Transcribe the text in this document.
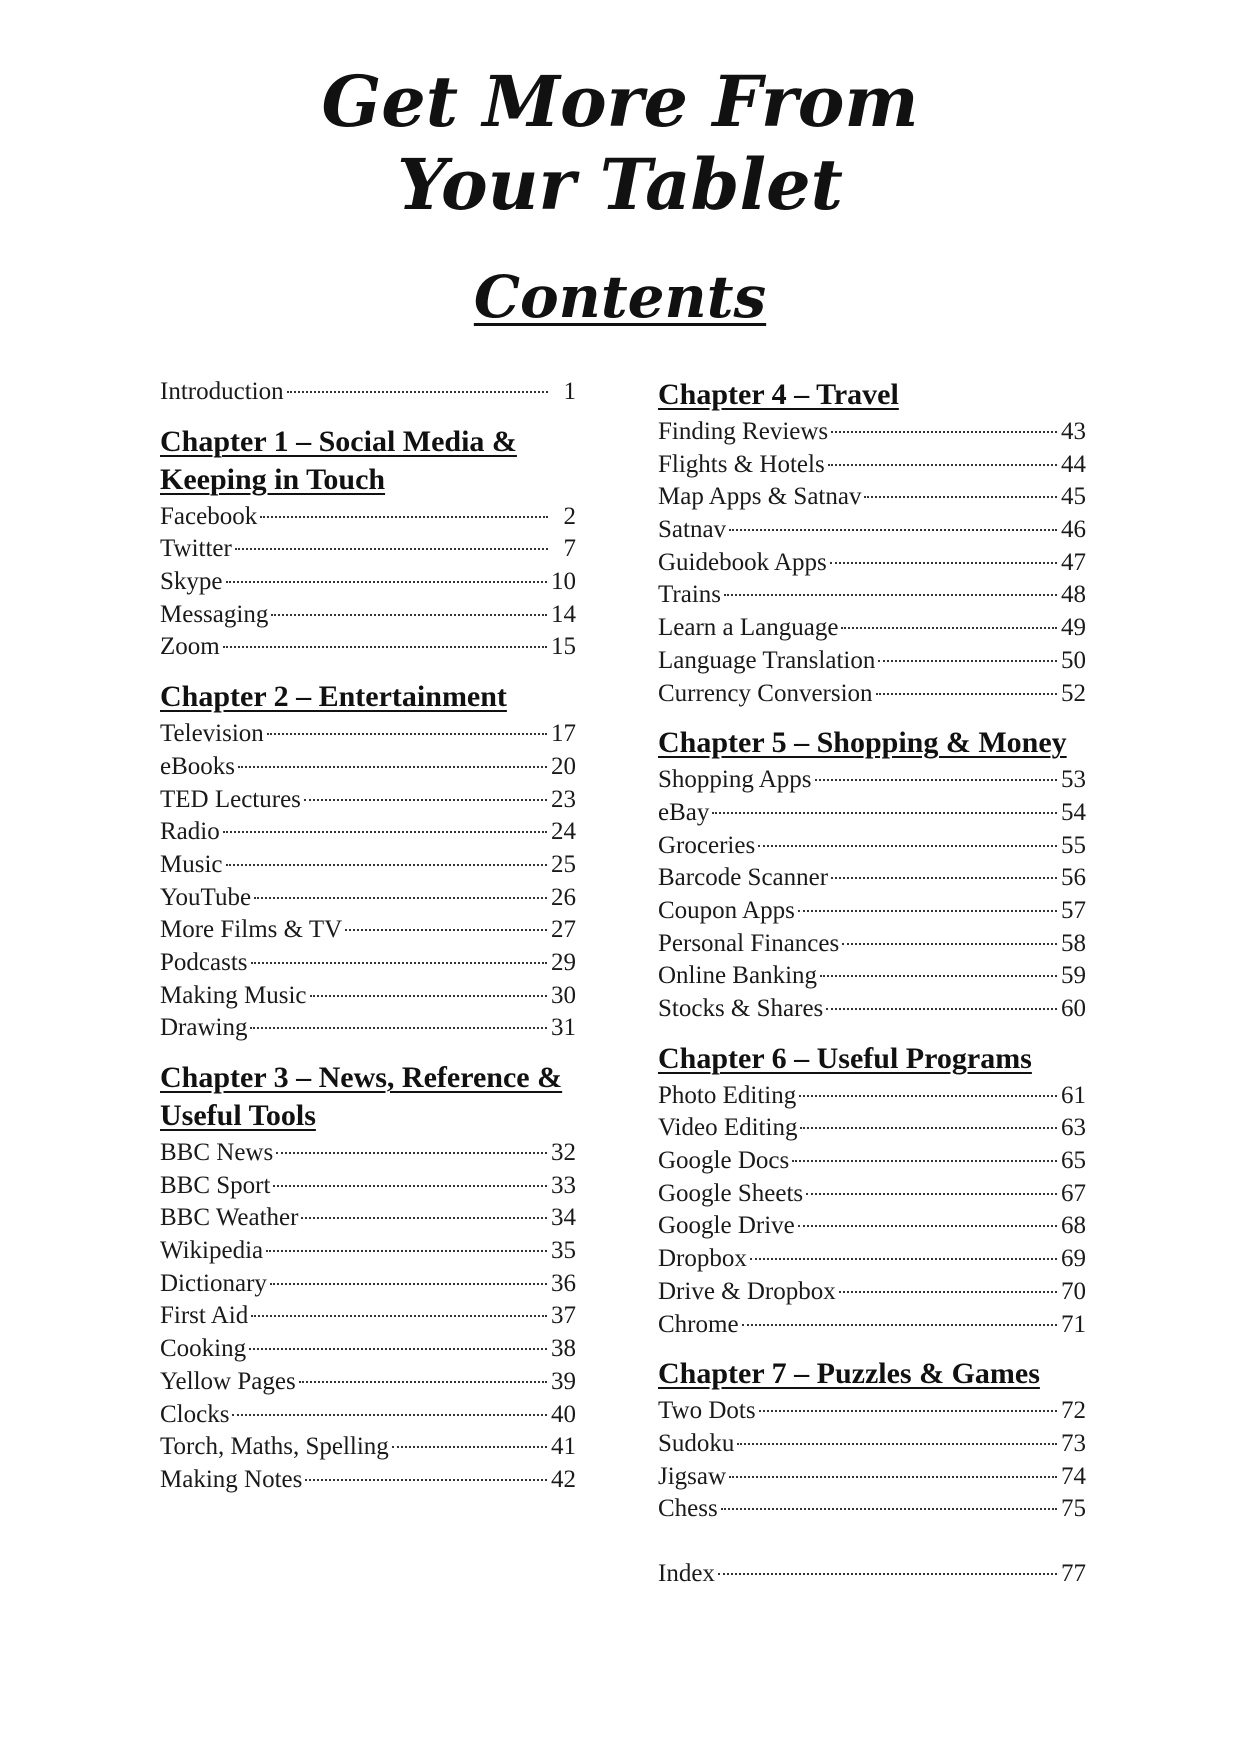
Get More From
Your Tablet
Contents
Introduction	1
Chapter 1 – Social Media &
Keeping in Touch
Facebook	2
Twitter	7
Skype	10
Messaging	14
Zoom	15
Chapter 2 – Entertainment
Television	17
eBooks	20
TED Lectures	23
Radio	24
Music	25
YouTube	26
More Films & TV	27
Podcasts	29
Making Music	30
Drawing	31
Chapter 3 – News, Reference &
Useful Tools
BBC News	32
BBC Sport	33
BBC Weather	34
Wikipedia	35
Dictionary	36
First Aid	37
Cooking	38
Yellow Pages	39
Clocks	40
Torch, Maths, Spelling	41
Making Notes	42
Chapter 4 – Travel
Finding Reviews	43
Flights & Hotels	44
Map Apps & Satnav	45
Satnav	46
Guidebook Apps	47
Trains	48
Learn a Language	49
Language Translation	50
Currency Conversion	52
Chapter 5 – Shopping & Money
Shopping Apps	53
eBay	54
Groceries	55
Barcode Scanner	56
Coupon Apps	57
Personal Finances	58
Online Banking	59
Stocks & Shares	60
Chapter 6 – Useful Programs
Photo Editing	61
Video Editing	63
Google Docs	65
Google Sheets	67
Google Drive	68
Dropbox	69
Drive & Dropbox	70
Chrome	71
Chapter 7 – Puzzles & Games
Two Dots	72
Sudoku	73
Jigsaw	74
Chess	75
Index	77
